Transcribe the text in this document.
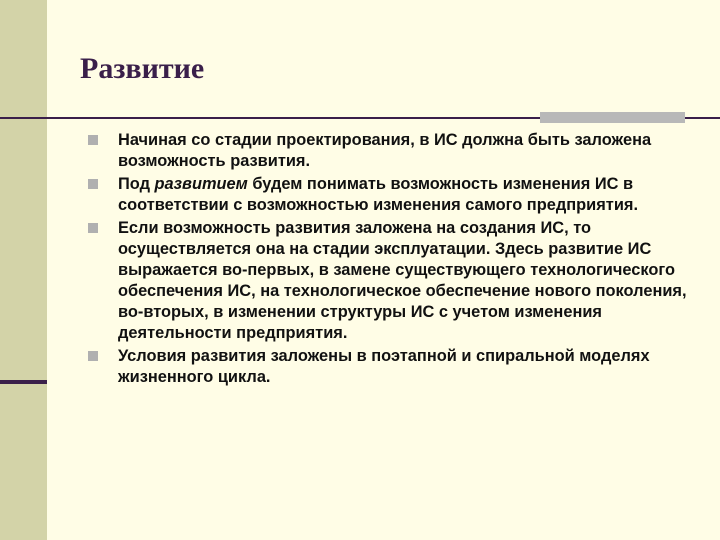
Развитие
Начиная со стадии проектирования, в ИС должна быть заложена возможность развития.
Под развитием будем понимать возможность изменения ИС в соответствии с возможностью изменения самого предприятия.
Если возможность развития заложена на создания ИС, то осуществляется она на стадии эксплуатации. Здесь развитие ИС выражается во-первых, в замене существующего технологического обеспечения ИС, на технологическое обеспечение нового поколения, во-вторых, в изменении структуры ИС с учетом изменения деятельности предприятия.
Условия развития заложены в поэтапной и спиральной моделях жизненного цикла.
